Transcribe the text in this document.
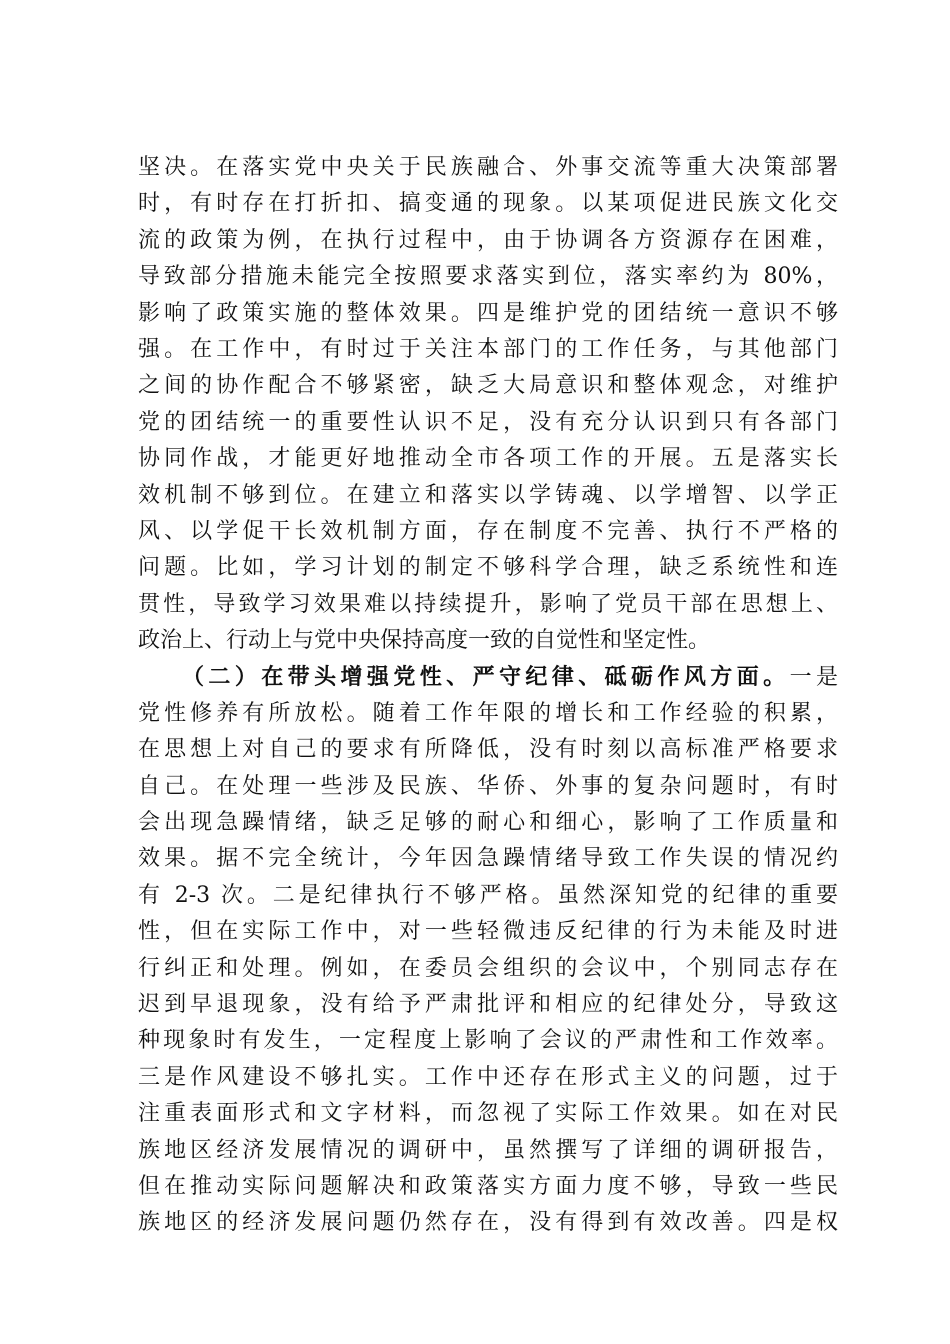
坚决。在落实党中央关于民族融合、外事交流等重大决策部署
时，有时存在打折扣、搞变通的现象。以某项促进民族文化交
流的政策为例，在执行过程中，由于协调各方资源存在困难，
导致部分措施未能完全按照要求落实到位，落实率约为 80%，
影响了政策实施的整体效果。四是维护党的团结统一意识不够
强。在工作中，有时过于关注本部门的工作任务，与其他部门
之间的协作配合不够紧密，缺乏大局意识和整体观念，对维护
党的团结统一的重要性认识不足，没有充分认识到只有各部门
协同作战，才能更好地推动全市各项工作的开展。五是落实长
效机制不够到位。在建立和落实以学铸魂、以学增智、以学正
风、以学促干长效机制方面，存在制度不完善、执行不严格的
问题。比如，学习计划的制定不够科学合理，缺乏系统性和连
贯性，导致学习效果难以持续提升，影响了党员干部在思想上、
政治上、行动上与党中央保持高度一致的自觉性和坚定性。
（二）在带头增强党性、严守纪律、砥砺作风方面。一是
党性修养有所放松。随着工作年限的增长和工作经验的积累，
在思想上对自己的要求有所降低，没有时刻以高标准严格要求
自己。在处理一些涉及民族、华侨、外事的复杂问题时，有时
会出现急躁情绪，缺乏足够的耐心和细心，影响了工作质量和
效果。据不完全统计，今年因急躁情绪导致工作失误的情况约
有 2-3 次。二是纪律执行不够严格。虽然深知党的纪律的重要
性，但在实际工作中，对一些轻微违反纪律的行为未能及时进
行纠正和处理。例如，在委员会组织的会议中，个别同志存在
迟到早退现象，没有给予严肃批评和相应的纪律处分，导致这
种现象时有发生，一定程度上影响了会议的严肃性和工作效率。
三是作风建设不够扎实。工作中还存在形式主义的问题，过于
注重表面形式和文字材料，而忽视了实际工作效果。如在对民
族地区经济发展情况的调研中，虽然撰写了详细的调研报告，
但在推动实际问题解决和政策落实方面力度不够，导致一些民
族地区的经济发展问题仍然存在，没有得到有效改善。四是权
